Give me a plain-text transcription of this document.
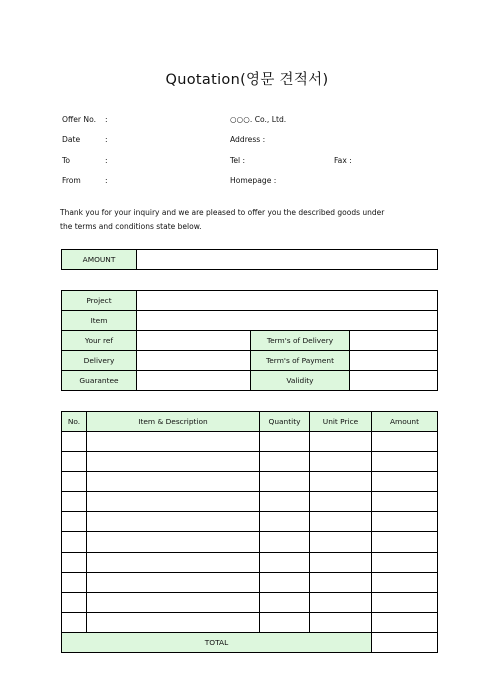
Quotation(영문 견적서)
Offer No. :
Date	:
To	:
From	:
○○○. Co., Ltd.
Address :
Tel :	Fax :
Homepage :
Thank you for your inquiry and we are pleased to offer you the described goods under
the terms and conditions state below.
AMOUNT	
Project			
Item			
Your ref		Term's of Delivery	
Delivery		Term's of Payment	
Guarantee		Validity	
No.	Item & Description	Quantity	Unit Price	Amount

TOTAL				
